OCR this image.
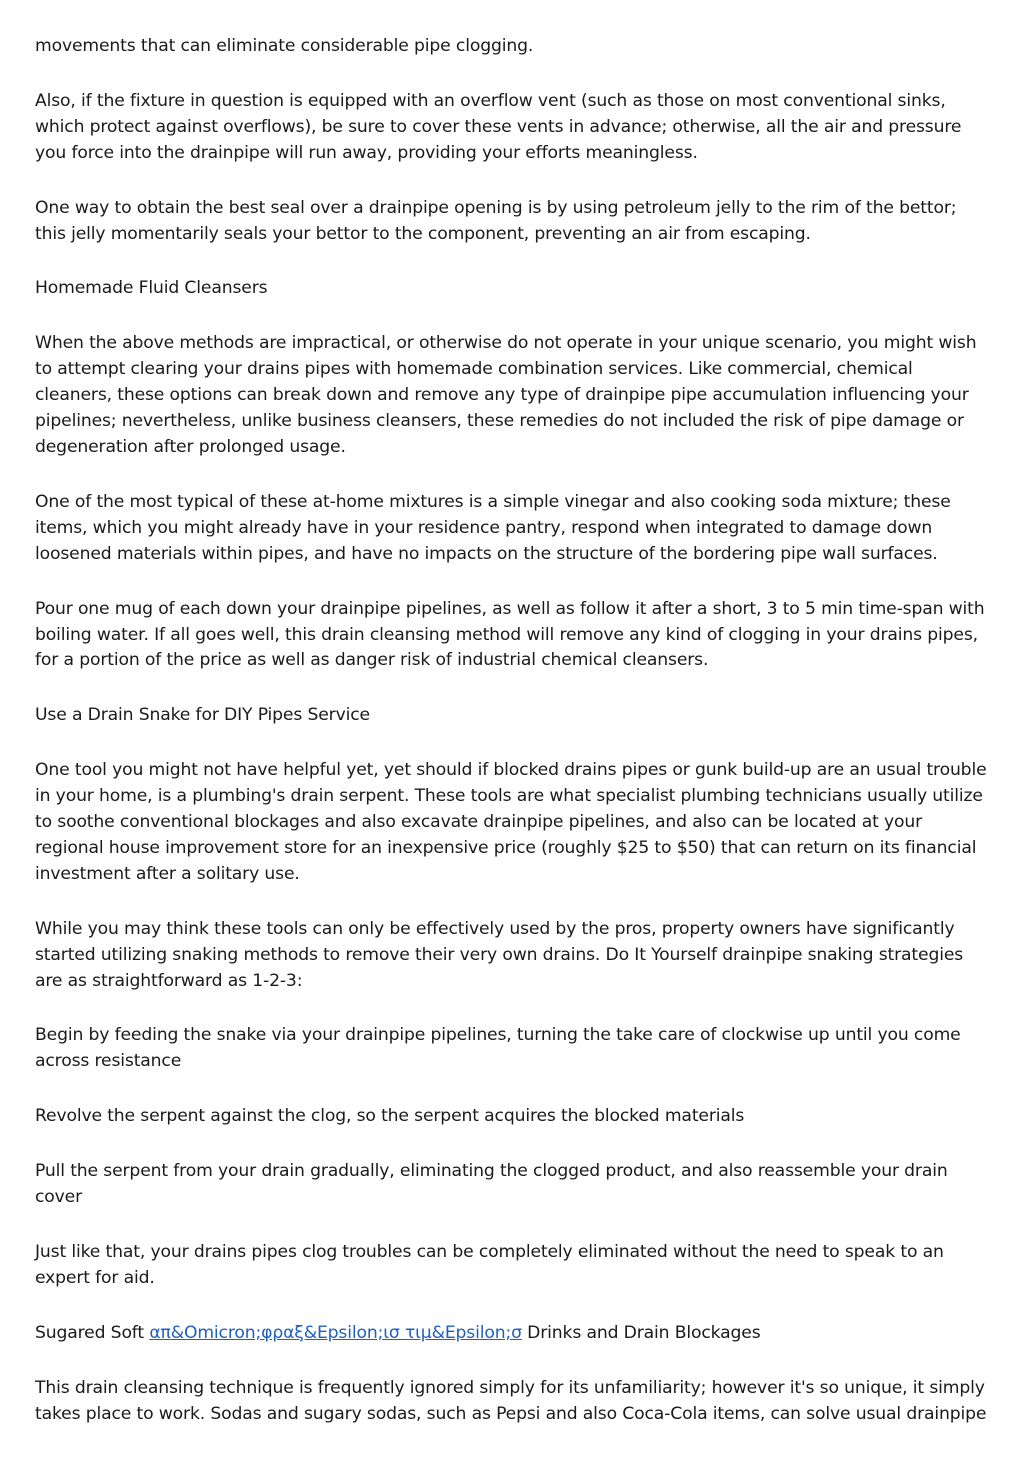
movements that can eliminate considerable pipe clogging.

Also, if the fixture in question is equipped with an overflow vent (such as those on most conventional sinks, which protect against overflows), be sure to cover these vents in advance; otherwise, all the air and pressure you force into the drainpipe will run away, providing your efforts meaningless.

One way to obtain the best seal over a drainpipe opening is by using petroleum jelly to the rim of the bettor; this jelly momentarily seals your bettor to the component, preventing an air from escaping.

Homemade Fluid Cleansers

When the above methods are impractical, or otherwise do not operate in your unique scenario, you might wish to attempt clearing your drains pipes with homemade combination services. Like commercial, chemical cleaners, these options can break down and remove any type of drainpipe pipe accumulation influencing your pipelines; nevertheless, unlike business cleansers, these remedies do not included the risk of pipe damage or degeneration after prolonged usage.

One of the most typical of these at-home mixtures is a simple vinegar and also cooking soda mixture; these items, which you might already have in your residence pantry, respond when integrated to damage down loosened materials within pipes, and have no impacts on the structure of the bordering pipe wall surfaces.

Pour one mug of each down your drainpipe pipelines, as well as follow it after a short, 3 to 5 min time-span with boiling water. If all goes well, this drain cleansing method will remove any kind of clogging in your drains pipes, for a portion of the price as well as danger risk of industrial chemical cleansers.

Use a Drain Snake for DIY Pipes Service

One tool you might not have helpful yet, yet should if blocked drains pipes or gunk build-up are an usual trouble in your home, is a plumbing's drain serpent. These tools are what specialist plumbing technicians usually utilize to soothe conventional blockages and also excavate drainpipe pipelines, and also can be located at your regional house improvement store for an inexpensive price (roughly $25 to $50) that can return on its financial investment after a solitary use.

While you may think these tools can only be effectively used by the pros, property owners have significantly started utilizing snaking methods to remove their very own drains. Do It Yourself drainpipe snaking strategies are as straightforward as 1-2-3:

Begin by feeding the snake via your drainpipe pipelines, turning the take care of clockwise up until you come across resistance

Revolve the serpent against the clog, so the serpent acquires the blocked materials

Pull the serpent from your drain gradually, eliminating the clogged product, and also reassemble your drain cover

Just like that, your drains pipes clog troubles can be completely eliminated without the need to speak to an expert for aid.

Sugared Soft απ&Omicron;φραξ&Epsilon;ισ τιμ&Epsilon;σ Drinks and Drain Blockages

This drain cleansing technique is frequently ignored simply for its unfamiliarity; however it's so unique, it simply takes place to work. Sodas and sugary sodas, such as Pepsi and also Coca-Cola items, can solve usual drainpipe
